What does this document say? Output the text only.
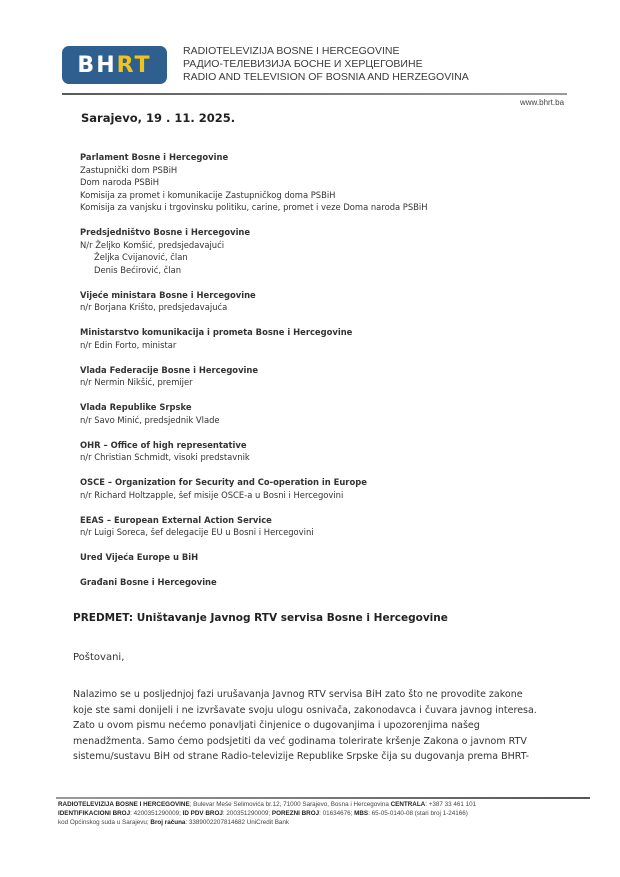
BH RT
RADIOTELEVIZIJA BOSNE I HERCEGOVINE
РАДИО-ТЕЛЕВИЗИЈА БОСНЕ И ХЕРЦЕГОВИНЕ
RADIO AND TELEVISION OF BOSNIA AND HERZEGOVINA
www.bhrt.ba
Sarajevo, 19 . 11. 2025.
Parlament Bosne i Hercegovine
Zastupnički dom PSBiH
Dom naroda PSBiH
Komisija za promet i komunikacije Zastupničkog doma PSBiH
Komisija za vanjsku i trgovinsku politiku, carine, promet i veze Doma naroda PSBiH
Predsjedništvo Bosne i Hercegovine
N/r Željko Komšić, predsjedavajući
Željka Cvijanović, član
Denis Bećirović, član
Vijeće ministara Bosne i Hercegovine
n/r Borjana Krišto, predsjedavajuća
Ministarstvo komunikacija i prometa Bosne i Hercegovine
n/r Edin Forto, ministar
Vlada Federacije Bosne i Hercegovine
n/r Nermin Nikšić, premijer
Vlada Republike Srpske
n/r Savo Minić, predsjednik Vlade
OHR – Office of high representative
n/r Christian Schmidt, visoki predstavnik
OSCE – Organization for Security and Co-operation in Europe
n/r Richard Holtzapple, šef misije OSCE-a u Bosni i Hercegovini
EEAS – European External Action Service
n/r Luigi Soreca, šef delegacije EU u Bosni i Hercegovini
Ured Vijeća Europe u BiH
Građani Bosne i Hercegovine
PREDMET: Uništavanje Javnog RTV servisa Bosne i Hercegovine
Poštovani,

Nalazimo se u posljednjoj fazi urušavanja Javnog RTV servisa BiH zato što ne provodite zakone

koje ste sami donijeli i ne izvršavate svoju ulogu osnivača, zakonodavca i čuvara javnog interesa.

Zato u ovom pismu nećemo ponavljati činjenice o dugovanjima i upozorenjima našeg

menadžmenta. Samo ćemo podsjetiti da već godinama tolerirate kršenje Zakona o javnom RTV

sistemu/sustavu BiH od strane Radio-televizije Republike Srpske čija su dugovanja prema BHRT-

RADIOTELEVIZIJA BOSNE I HERCEGOVINE; Bulevar Meše Selimovića br.12, 71000 Sarajevo, Bosna i Hercegovina CENTRALA: +387 33 461 101
IDENTIFIKACIONI BROJ: 4200351290009; ID PDV BROJ: 200351290009; POREZNI BROJ: 01634676; MBS: 65-05-0140-08 (stari broj 1-24166)
kod Općinskog suda u Sarajevu; Broj računa: 3389002207814682 UniCredit Bank
